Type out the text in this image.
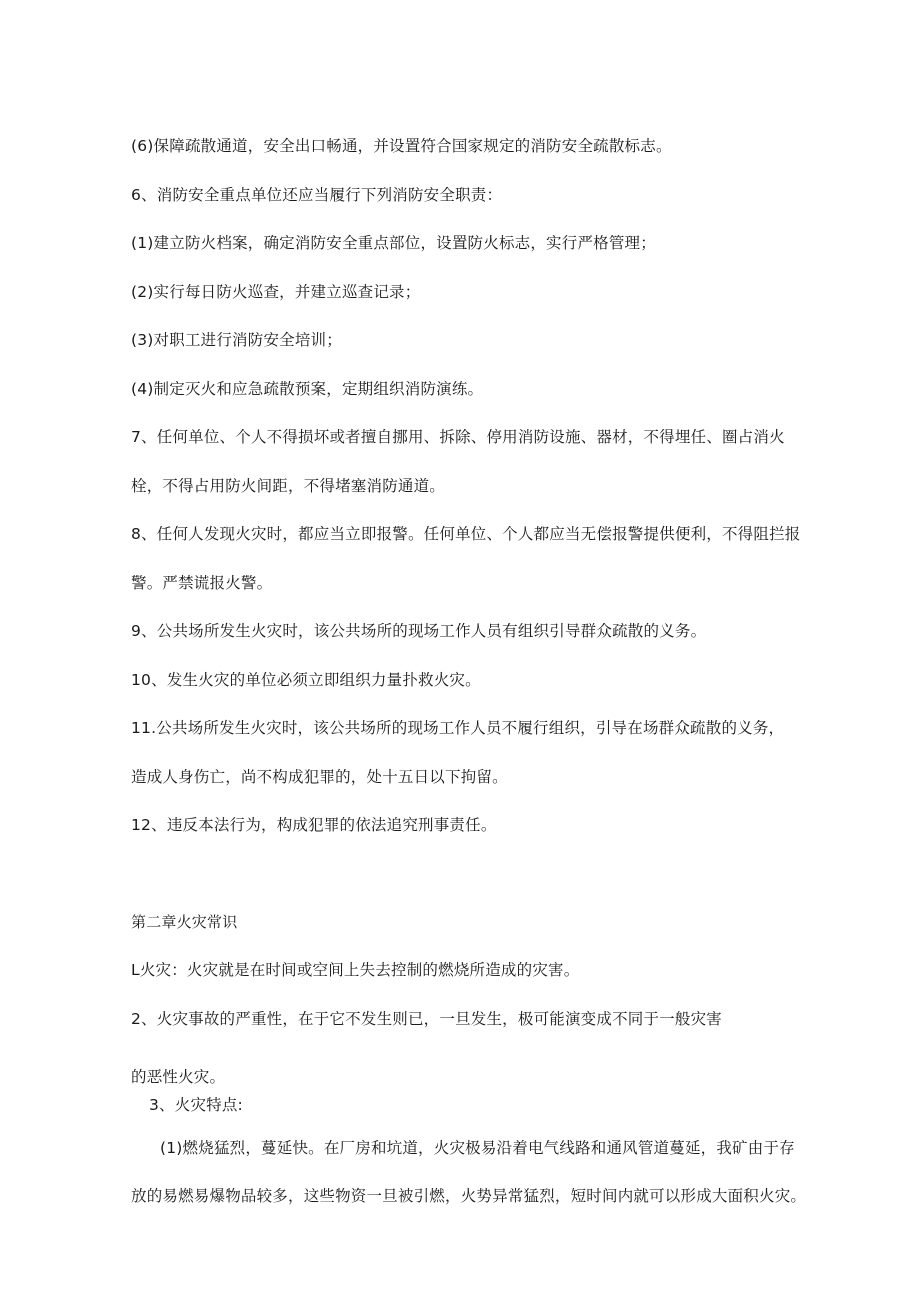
(6)保障疏散通道，安全出口畅通，并设置符合国家规定的消防安全疏散标志。
6、消防安全重点单位还应当履行下列消防安全职责：
(1)建立防火档案，确定消防安全重点部位，设置防火标志，实行严格管理；
(2)实行每日防火巡查，并建立巡查记录；
(3)对职工进行消防安全培训；
(4)制定灭火和应急疏散预案，定期组织消防演练。
7、任何单位、个人不得损坏或者擅自挪用、拆除、停用消防设施、器材，不得埋任、圈占消火
栓，不得占用防火间距，不得堵塞消防通道。
8、任何人发现火灾时，都应当立即报警。任何单位、个人都应当无偿报警提供便利，不得阻拦报
警。严禁谎报火警。
9、公共场所发生火灾时，该公共场所的现场工作人员有组织引导群众疏散的义务。
10、发生火灾的单位必须立即组织力量扑救火灾。
11.公共场所发生火灾时，该公共场所的现场工作人员不履行组织，引导在场群众疏散的义务，
造成人身伤亡，尚不构成犯罪的，处十五日以下拘留。
12、违反本法行为，构成犯罪的依法追究刑事责任。
第二章火灾常识
L火灾：火灾就是在时间或空间上失去控制的燃烧所造成的灾害。
2、火灾事故的严重性，在于它不发生则已，一旦发生，极可能演变成不同于一般灾害
的恶性火灾。
3、火灾特点:
(1)燃烧猛烈，蔓延快。在厂房和坑道，火灾极易沿着电气线路和通风管道蔓延，我矿由于存
放的易燃易爆物品较多，这些物资一旦被引燃，火势异常猛烈，短时间内就可以形成大面积火灾。
